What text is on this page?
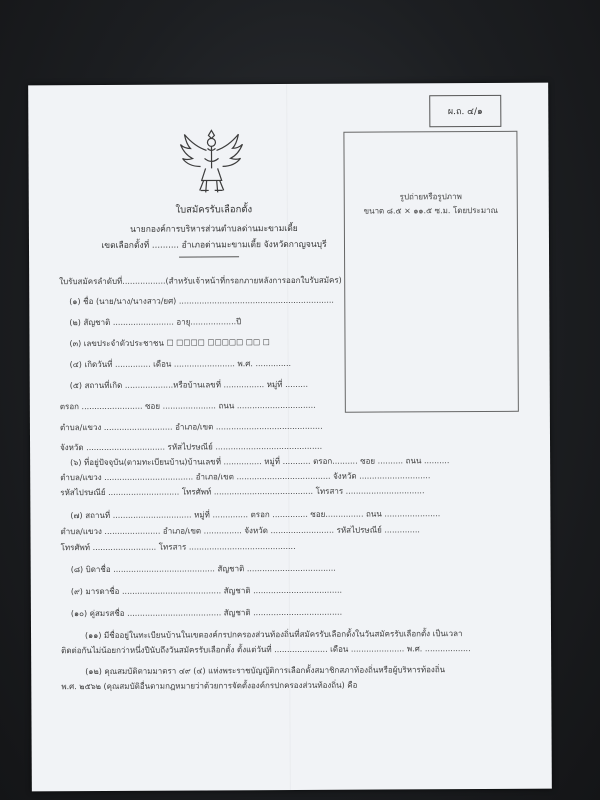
ผ.ถ. ๔/๑
รูปถ่ายหรือรูปภาพ
ขนาด ๘.๕ × ๑๑.๕ ซ.ม. โดยประมาณ
ใบสมัครรับเลือกตั้ง
นายกองค์การบริหารส่วนตำบลด่านมะขามเตี้ย
เขตเลือกตั้งที่ .......... อำเภอด่านมะขามเตี้ย จังหวัดกาญจนบุรี
ใบรับสมัครลำดับที่.................(สำหรับเจ้าหน้าที่กรอกภายหลังการออกใบรับสมัคร)
(๑) ชื่อ (นาย/นาง/นางสาว/ยศ) .............................................................
(๒) สัญชาติ ........................ อายุ..................ปี
(๓) เลขประจำตัวประชาชน ☐ ☐☐☐☐ ☐☐☐☐☐ ☐☐ ☐
(๔) เกิดวันที่ .............. เดือน ........................ พ.ศ. ..............
(๕) สถานที่เกิด ...................หรือบ้านเลขที่ ................ หมู่ที่ .........
ตรอก ........................ ซอย ..................... ถนน ...............................
ตำบล/แขวง ........................... อำเภอ/เขต ..........................................
จังหวัด ............................... รหัสไปรษณีย์ ..........................................
(๖) ที่อยู่ปัจจุบัน(ตามทะเบียนบ้าน)บ้านเลขที่ ............... หมู่ที่ ........... ตรอก.......... ซอย .......... ถนน ..........
ตำบล/แขวง ................................... อำเภอ/เขต ..................................... จังหวัด ............................
รหัสไปรษณีย์ ............................ โทรศัพท์ ....................................... โทรสาร ...............................
(๗) สถานที่ ............................... หมู่ที่ .............. ตรอก .............. ซอย............... ถนน ......................
ตำบล/แขวง ...................... อำเภอ/เขต ............... จังหวัด ......................... รหัสไปรษณีย์ ..............
โทรศัพท์ ......................... โทรสาร ..........................................
(๘) บิดาชื่อ ........................................ สัญชาติ ...................................
(๙) มารดาชื่อ ....................................... สัญชาติ ...................................
(๑๐) คู่สมรสชื่อ ..................................... สัญชาติ ...................................
(๑๑) มีชื่ออยู่ในทะเบียนบ้านในเขตองค์กรปกครองส่วนท้องถิ่นที่สมัครรับเลือกตั้งในวันสมัครรับเลือกตั้ง เป็นเวลา
ติดต่อกันไม่น้อยกว่าหนึ่งปีนับถึงวันสมัครรับเลือกตั้ง ตั้งแต่วันที่ ..................... เดือน ..................... พ.ศ. ..................
(๑๒) คุณสมบัติตามมาตรา ๔๙ (๔) แห่งพระราชบัญญัติการเลือกตั้งสมาชิกสภาท้องถิ่นหรือผู้บริหารท้องถิ่น
พ.ศ. ๒๕๖๒ (คุณสมบัติอื่นตามกฎหมายว่าด้วยการจัดตั้งองค์กรปกครองส่วนท้องถิ่น) คือ
